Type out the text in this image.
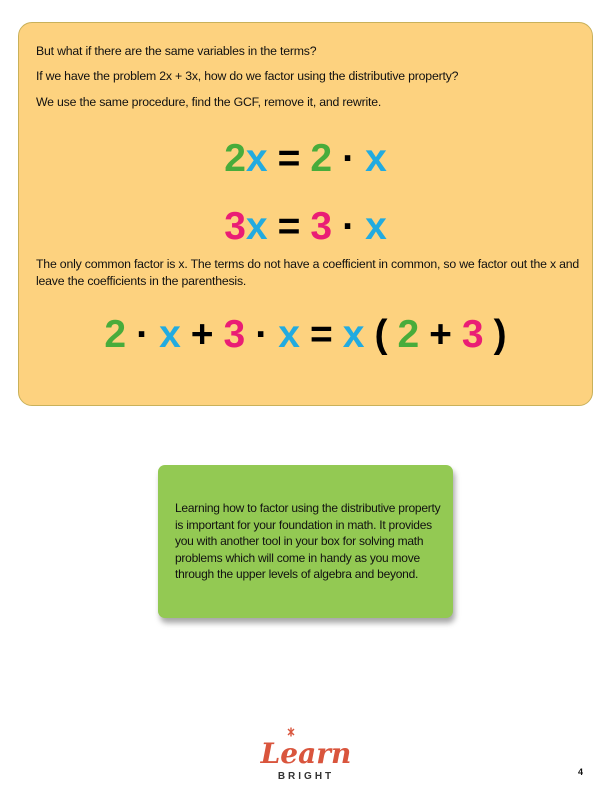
But what if there are the same variables in the terms?

If we have the problem 2x + 3x, how do we factor using the distributive property?

We use the same procedure, find the GCF, remove it, and rewrite.

2x = 2 · x
3x = 3 · x

The only common factor is x. The terms do not have a coefficient in common, so we factor out the x and leave the coefficients in the parenthesis.

2 · x + 3 · x = x ( 2 + 3 )

Learning how to factor using the distributive property is important for your foundation in math. It provides you with another tool in your box for solving math problems which will come in handy as you move through the upper levels of algebra and beyond.

Learn
BRIGHT	4
